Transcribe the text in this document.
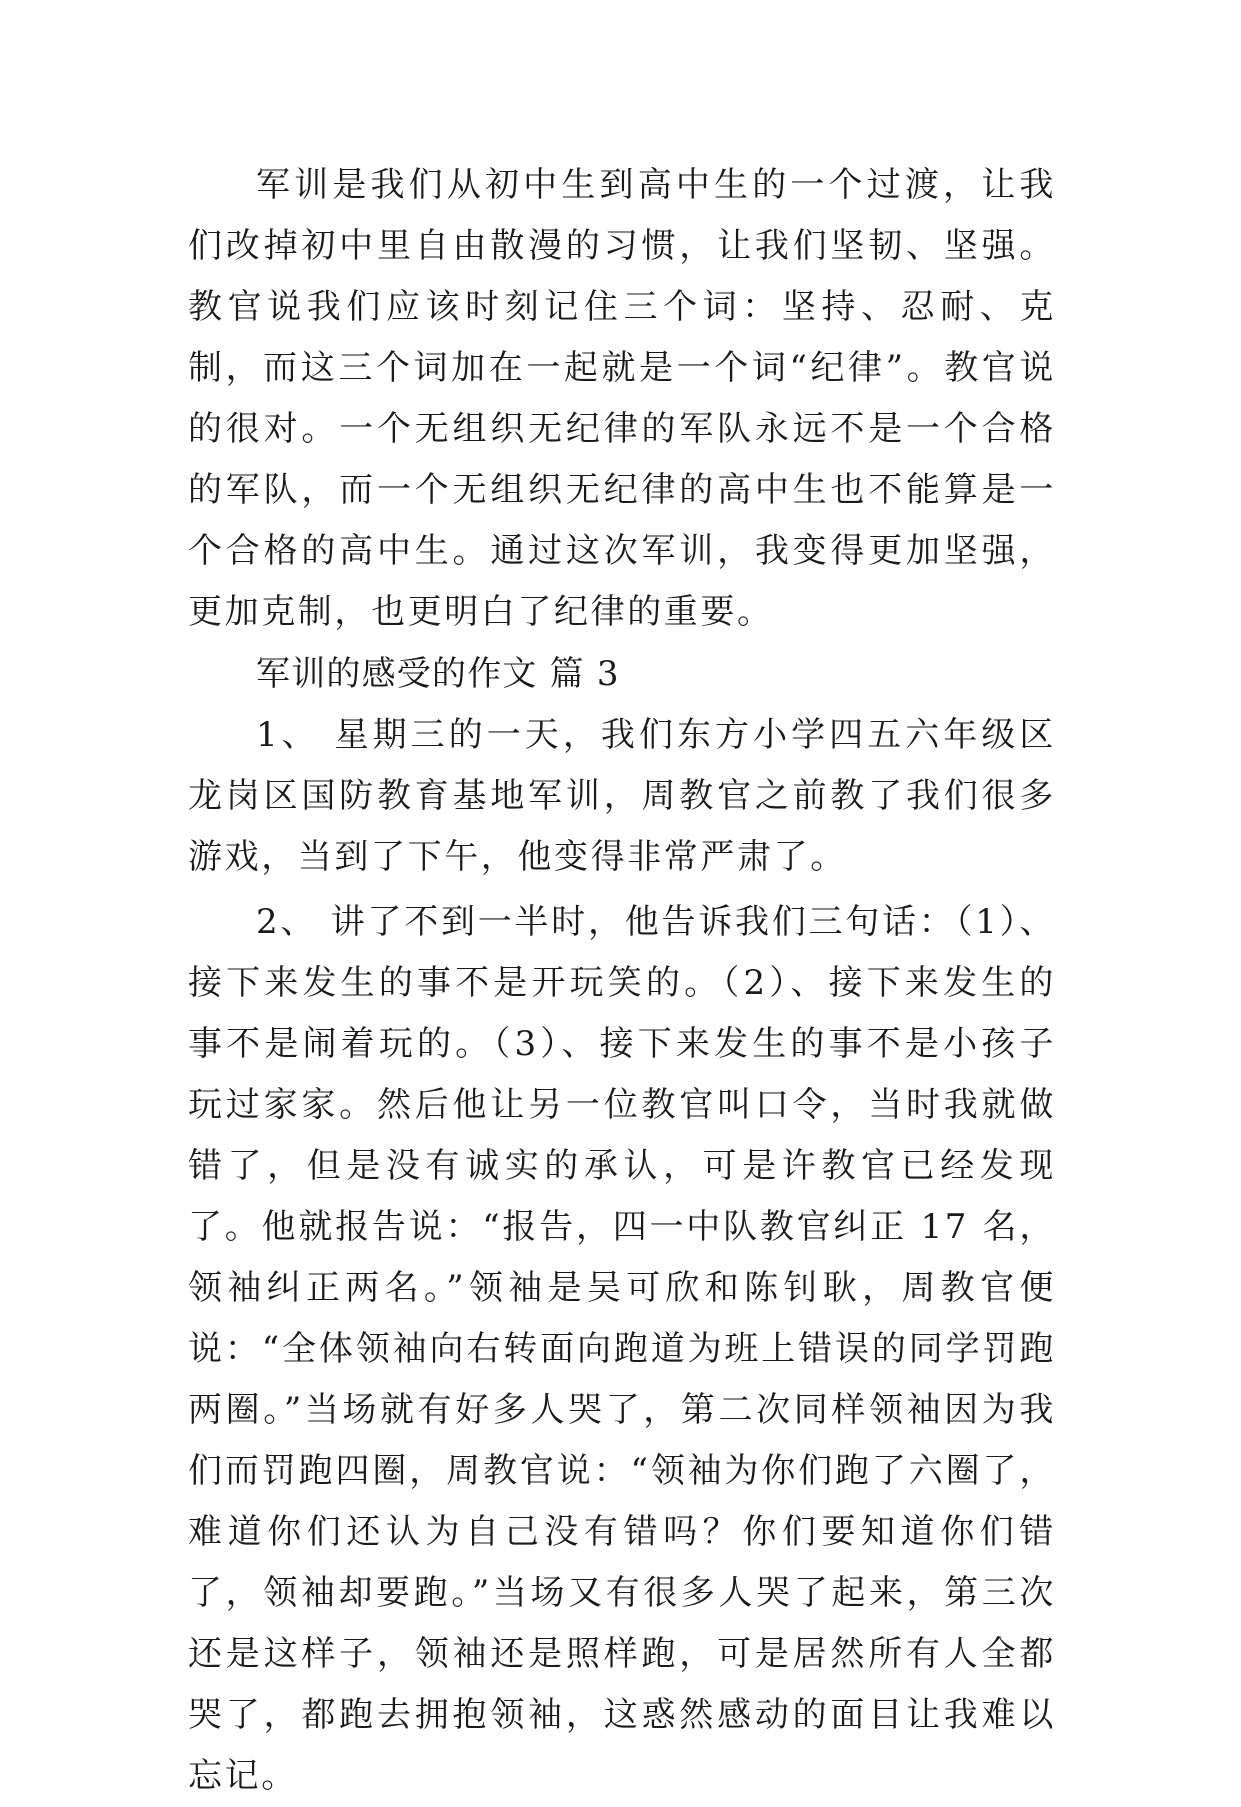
军训是我们从初中生到高中生的一个过渡，让我们改掉初中里自由散漫的习惯，让我们坚韧、坚强。教官说我们应该时刻记住三个词：坚持、忍耐、克制，而这三个词加在一起就是一个词“纪律”。教官说的很对。一个无组织无纪律的军队永远不是一个合格的军队，而一个无组织无纪律的高中生也不能算是一个合格的高中生。通过这次军训，我变得更加坚强，更加克制，也更明白了纪律的重要。

军训的感受的作文 篇 3

1、 星期三的一天，我们东方小学四五六年级区龙岗区国防教育基地军训，周教官之前教了我们很多游戏，当到了下午，他变得非常严肃了。

2、 讲了不到一半时，他告诉我们三句话：（1）、接下来发生的事不是开玩笑的。（2）、接下来发生的事不是闹着玩的。（3）、接下来发生的事不是小孩子玩过家家。然后他让另一位教官叫口令，当时我就做错了，但是没有诚实的承认，可是许教官已经发现了。他就报告说：“报告，四一中队教官纠正 17 名，领袖纠正两名。”领袖是吴可欣和陈钊耿，周教官便说：“全体领袖向右转面向跑道为班上错误的同学罚跑两圈。”当场就有好多人哭了，第二次同样领袖因为我们而罚跑四圈，周教官说：“领袖为你们跑了六圈了，难道你们还认为自己没有错吗？你们要知道你们错了，领袖却要跑。”当场又有很多人哭了起来，第三次还是这样子，领袖还是照样跑，可是居然所有人全都哭了，都跑去拥抱领袖，这惑然感动的面目让我难以忘记。
